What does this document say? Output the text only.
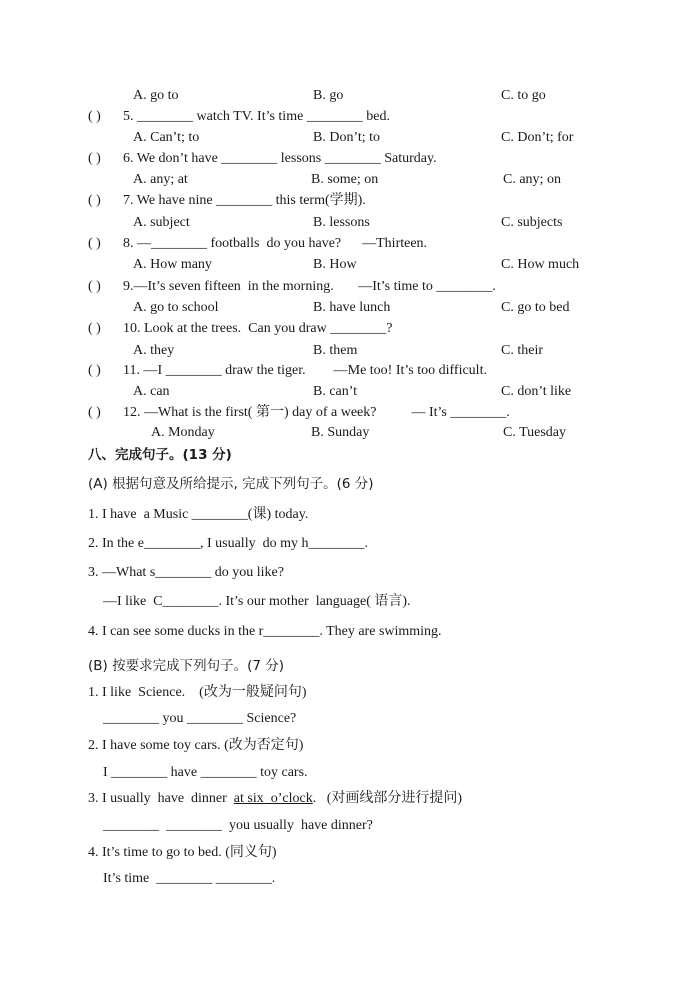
A. go to	B. go	C. to go
( ) 5. ________ watch TV. It’s time ________ bed.
A. Can’t; to	B. Don’t; to	C. Don’t; for
( ) 6. We don’t have ________ lessons ________ Saturday.
A. any; at	B. some; on	C. any; on
( ) 7. We have nine ________ this term(学期).
A. subject	B. lessons	C. subjects
( ) 8. —________ footballs  do you have?      —Thirteen.
A. How many	B. How	C. How much
( ) 9.—It’s seven fifteen  in the morning.       —It’s time to ________.
A. go to school	B. have lunch	C. go to bed
( ) 10. Look at the trees.  Can you draw ________?
A. they	B. them	C. their
( ) 11. —I ________ draw the tiger.        —Me too! It’s too difficult.
A. can	B. can’t	C. don’t like
( ) 12. —What is the first( 第一) day of a week?          — It’s ________.
A. Monday	B. Sunday	C. Tuesday
八、完成句子。(13 分)
(A) 根据句意及所给提示, 完成下列句子。(6 分)
1. I have  a Music ________(课) today.
2. In the e________, I usually  do my h________.
3. —What s________ do you like?
—I like  C________. It’s our mother  language( 语言).
4. I can see some ducks in the r________. They are swimming.
(B) 按要求完成下列句子。(7 分)
1. I like  Science.    (改为一般疑问句)
________ you ________ Science?
2. I have some toy cars. (改为否定句)
I ________ have ________ toy cars.
3. I usually  have  dinner  at six  o’clock.   (对画线部分进行提问)
________  ________  you usually  have dinner?
4. It’s time to go to bed. (同义句)
It’s time  ________ ________.
